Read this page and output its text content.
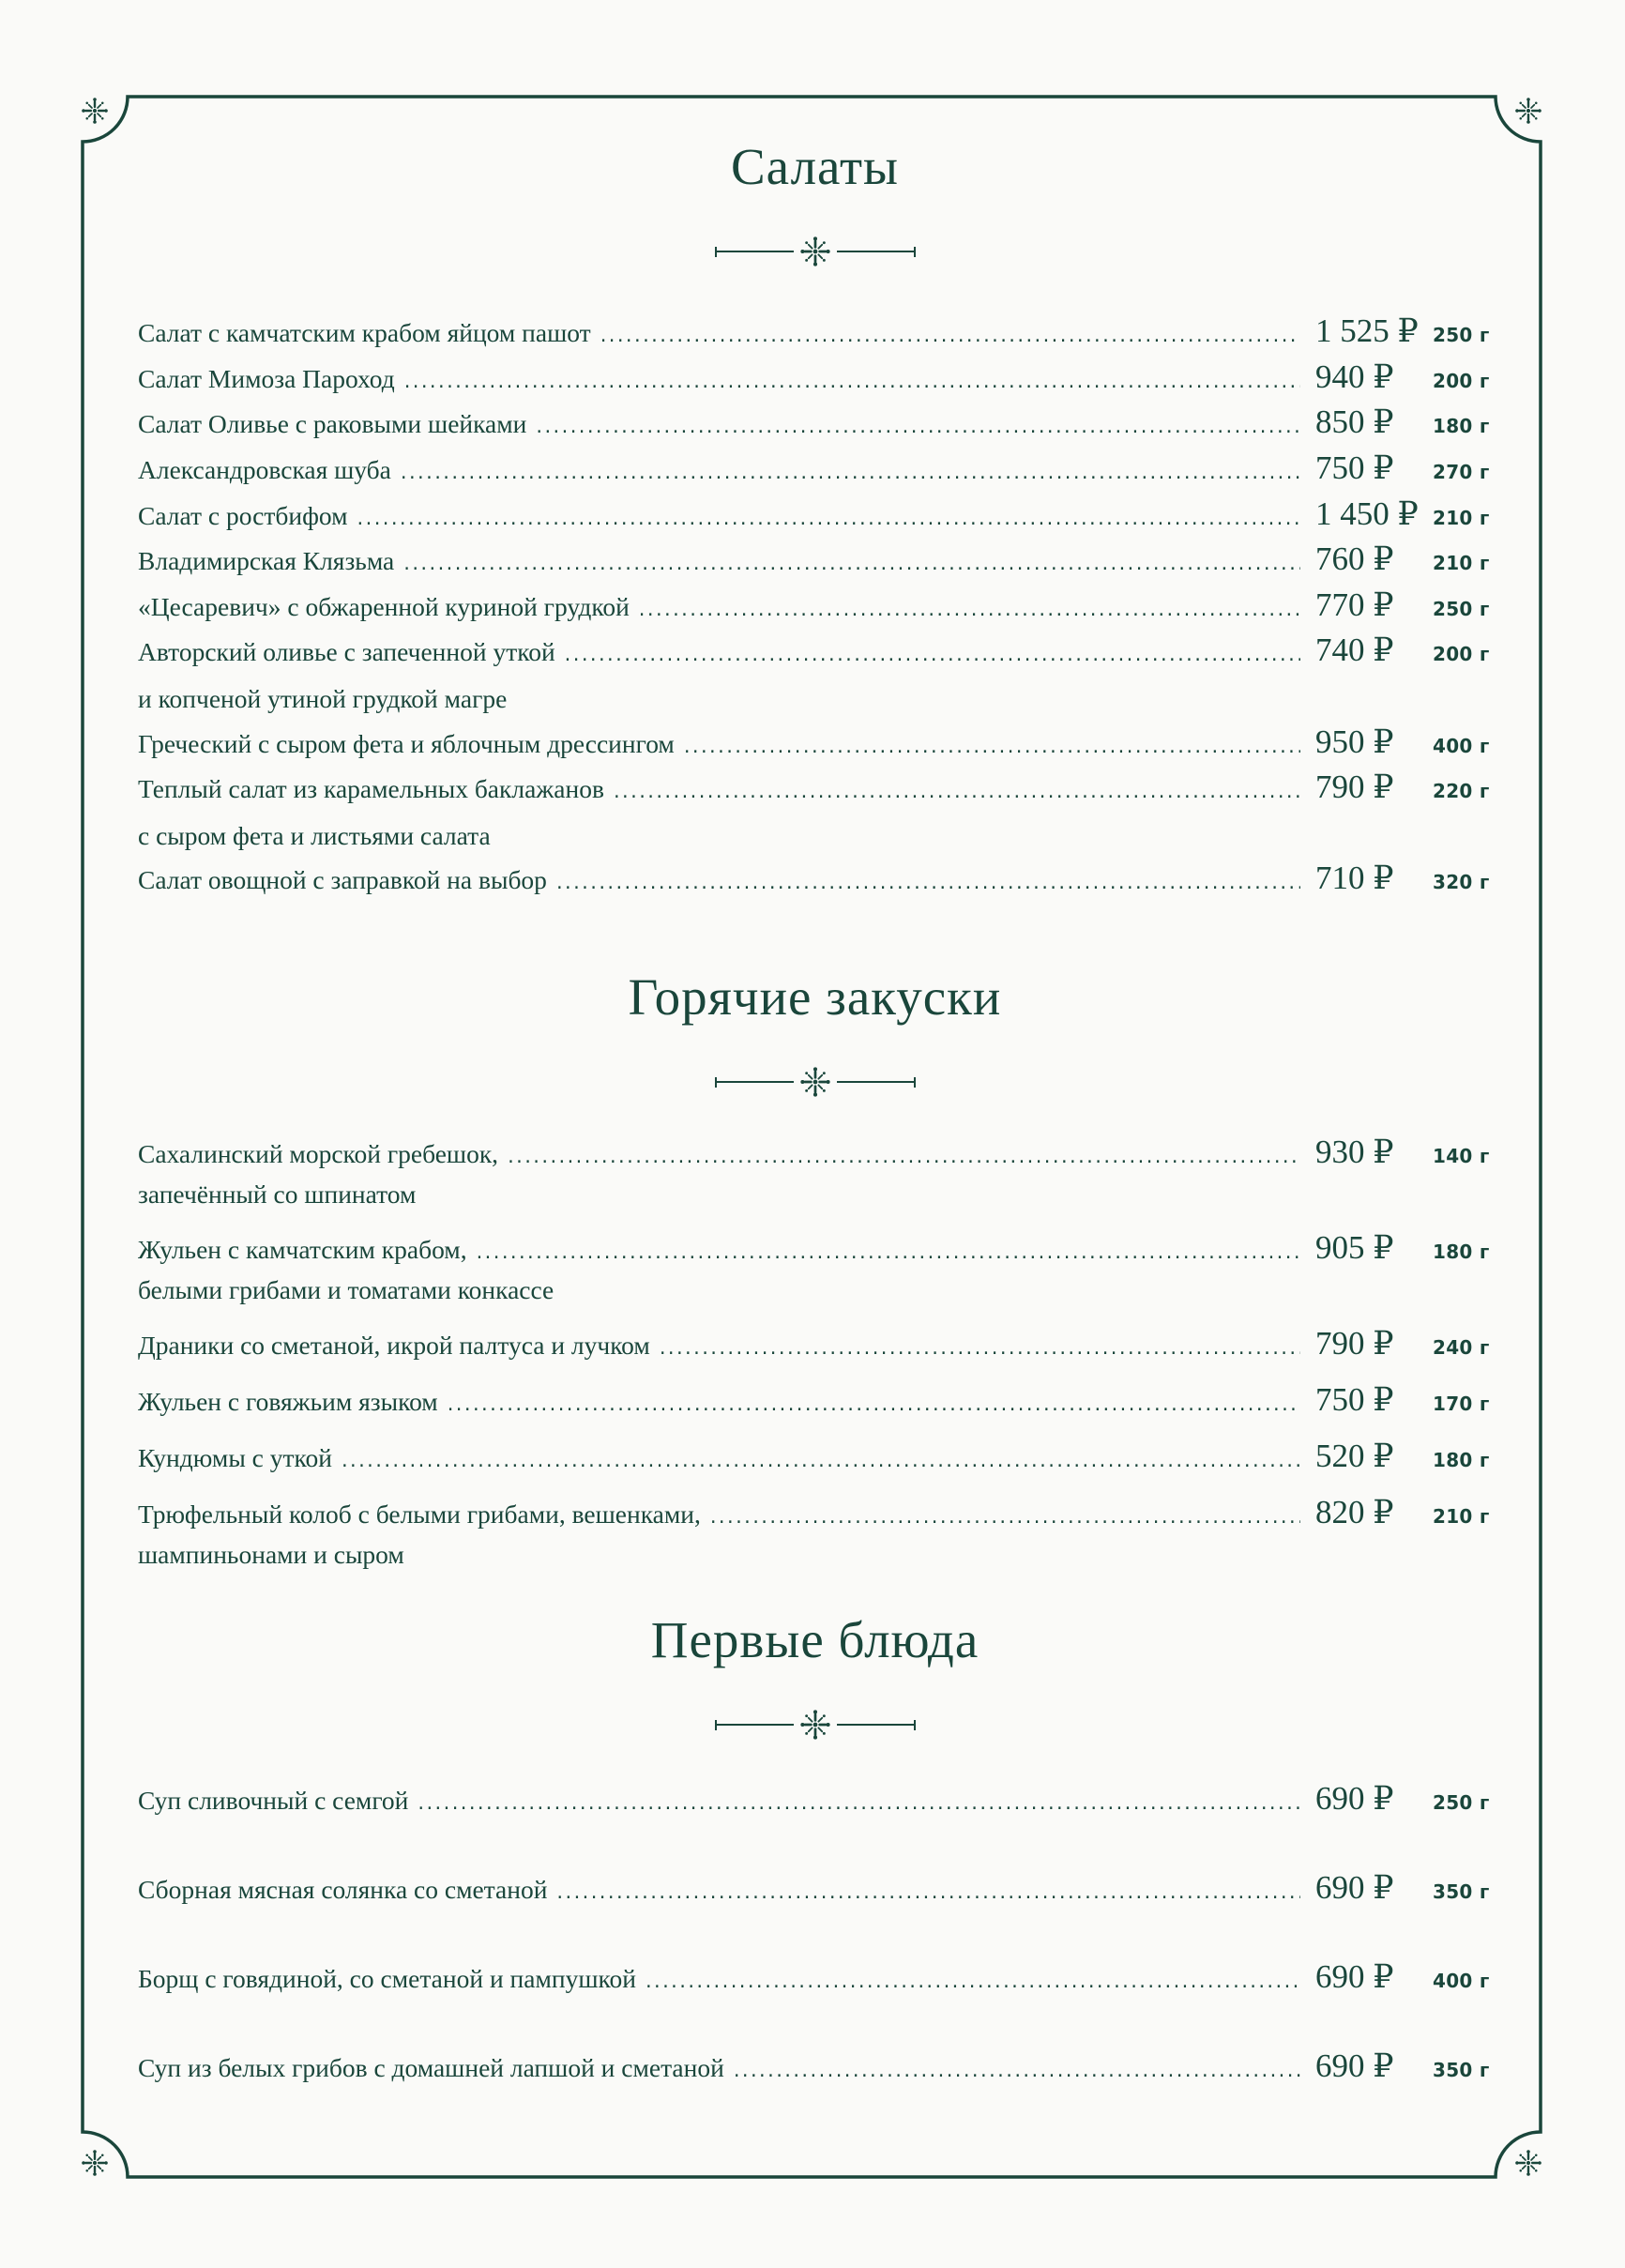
Салаты
Салат с камчатским крабом яйцом пашот .....	1 525 ₽ 250 г
Салат Мимоза Пароход .....	940 ₽	200 г
Салат Оливье с раковыми шейками .....	850 ₽	180 г
Александровская шуба .....	750 ₽	270 г
Салат с ростбифом .....	1 450 ₽ 210 г
Владимирская Клязьма .....	760 ₽	210 г
«Цесаревич» с обжаренной куриной грудкой .....	770 ₽	250 г
Авторский оливье с запеченной уткой .....	740 ₽	200 г
и копченой утиной грудкой магре
Греческий с сыром фета и яблочным дрессингом .....	950 ₽	400 г
Теплый салат из карамельных баклажанов .....	790 ₽	220 г
с сыром фета и листьями салата
Салат овощной с заправкой на выбор .....	710 ₽	320 г
Горячие закуски
Сахалинский морской гребешок, .....	930 ₽	140 г
запечённый со шпинатом
Жульен с камчатским крабом, .....	905 ₽	180 г
белыми грибами и томатами конкассе
Драники со сметаной, икрой палтуса и лучком .....	790 ₽	240 г
Жульен с говяжьим языком .....	750 ₽	170 г
Кундюмы с уткой .....	520 ₽	180 г
Трюфельный колоб с белыми грибами, вешенками, .....	820 ₽	210 г
шампиньонами и сыром
Первые блюда
Суп сливочный с семгой .....	690 ₽	250 г
Сборная мясная солянка со сметаной .....	690 ₽	350 г
Борщ с говядиной, со сметаной и пампушкой .....	690 ₽	400 г
Суп из белых грибов с домашней лапшой и сметаной .....	690 ₽	350 г
